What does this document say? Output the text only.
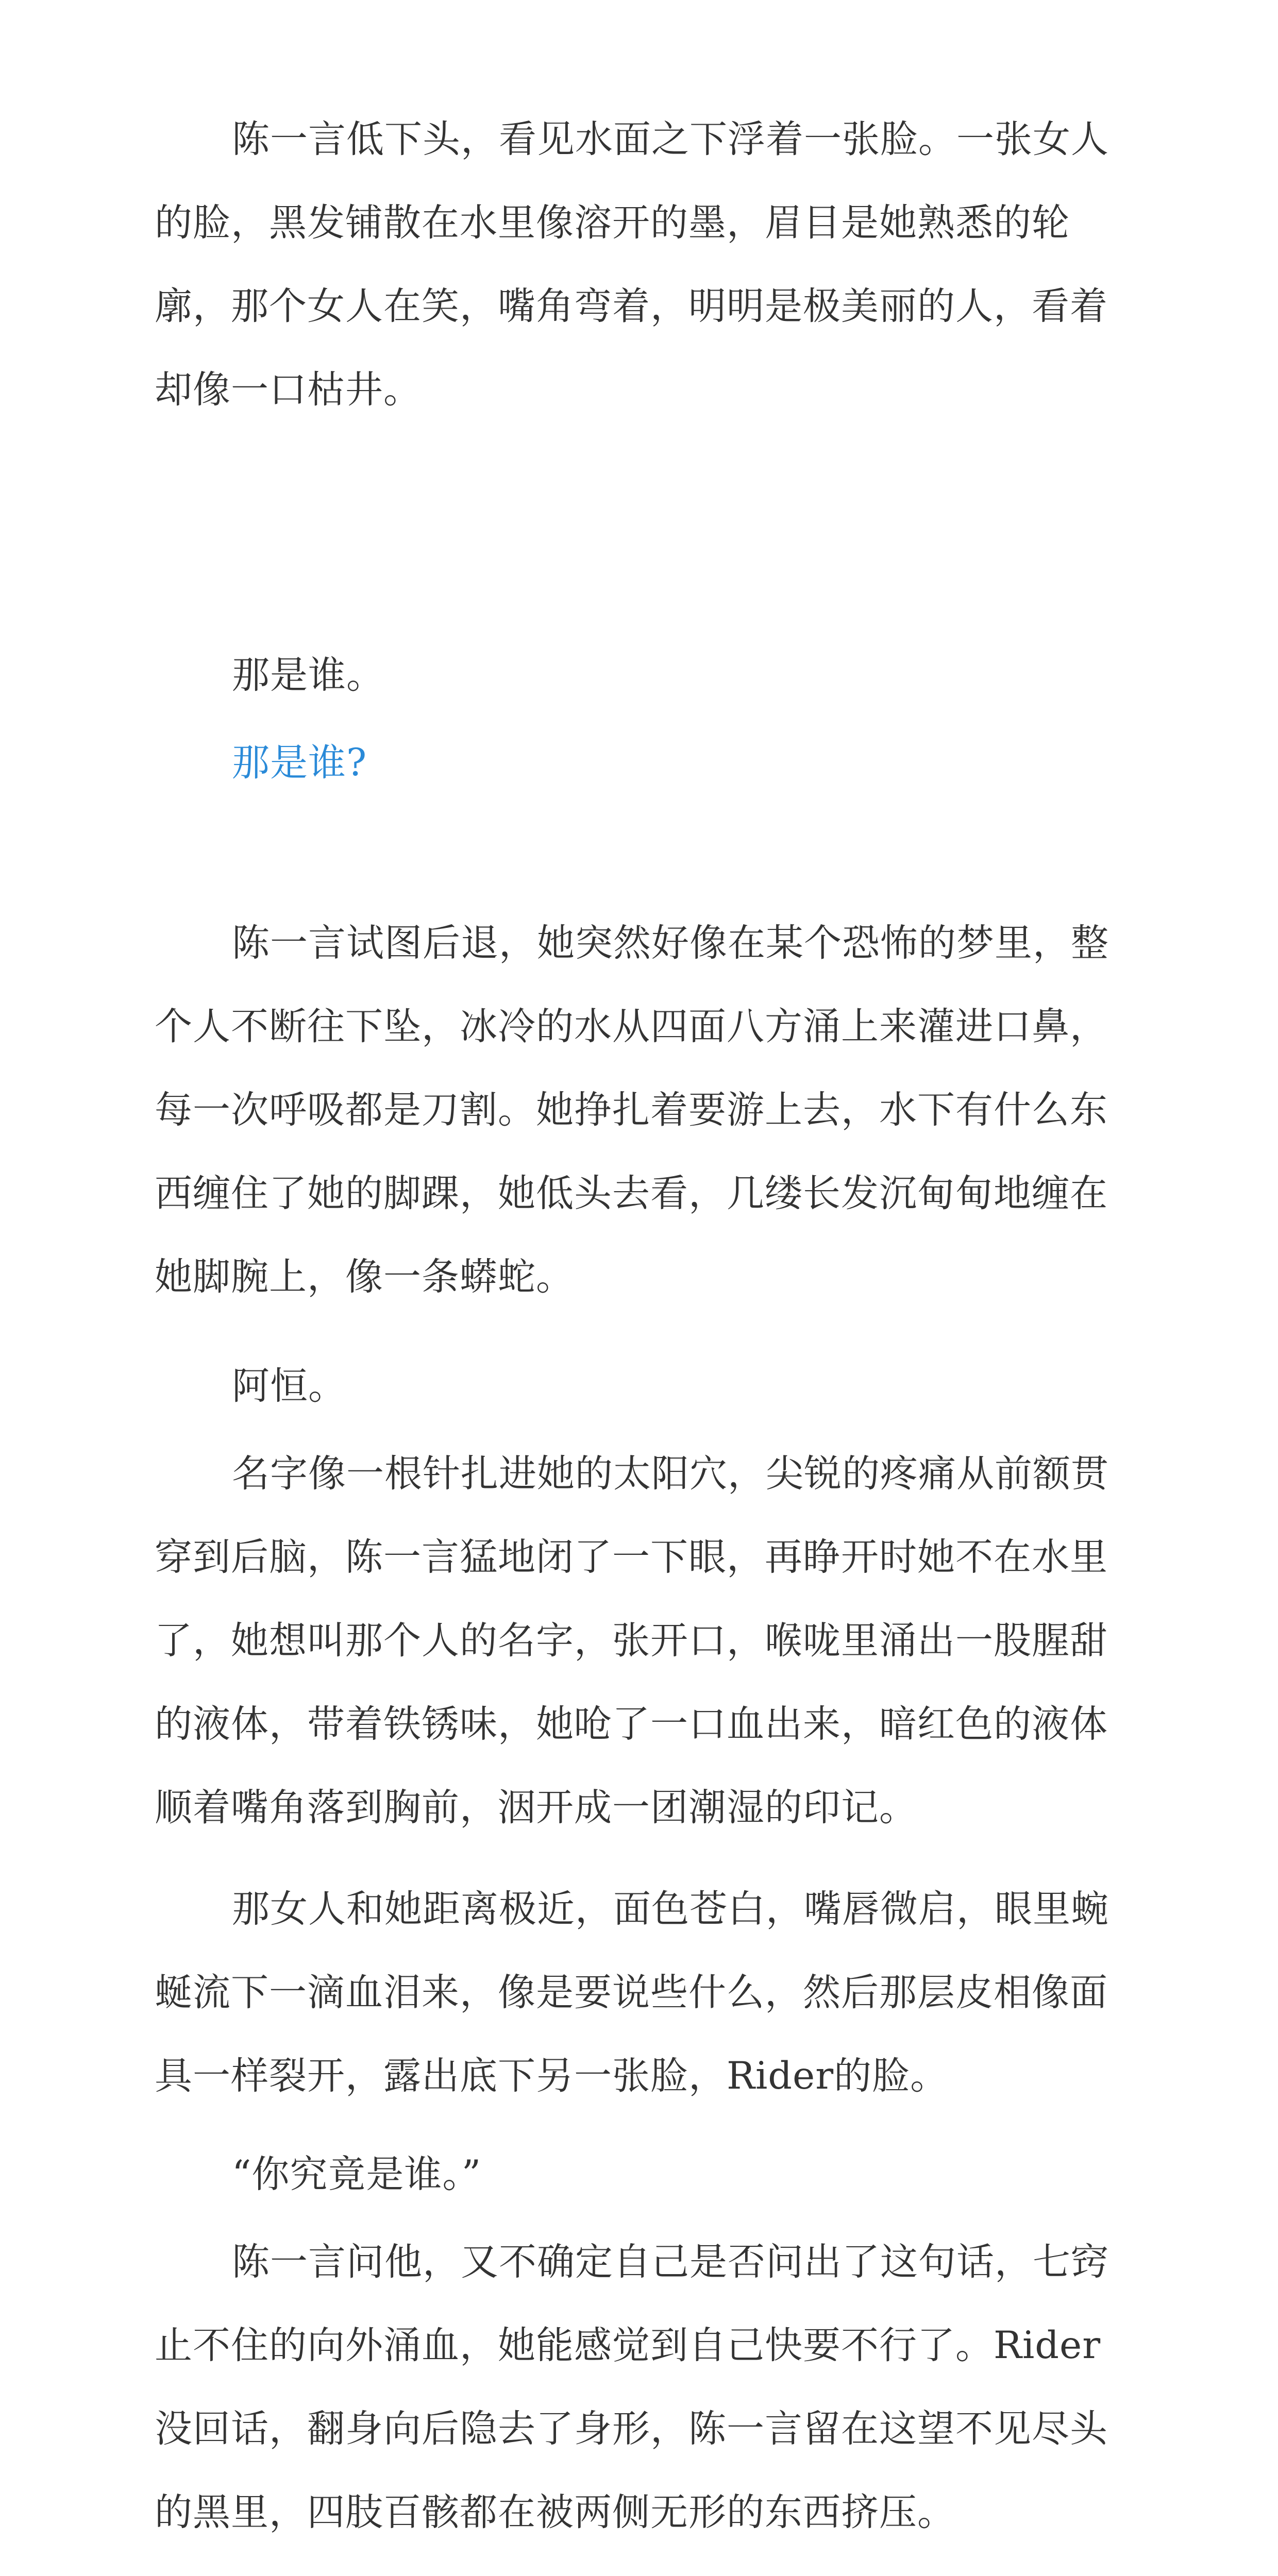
陈一言低下头，看见水面之下浮着一张脸。一张女人的脸，黑发铺散在水里像溶开的墨，眉目是她熟悉的轮廓，那个女人在笑，嘴角弯着，明明是极美丽的人，看着却像一口枯井。

那是谁。

那是谁?

陈一言试图后退，她突然好像在某个恐怖的梦里，整个人不断往下坠，冰冷的水从四面八方涌上来灌进口鼻，每一次呼吸都是刀割。她挣扎着要游上去，水下有什么东西缠住了她的脚踝，她低头去看，几缕长发沉甸甸地缠在她脚腕上，像一条蟒蛇。

阿恒。

名字像一根针扎进她的太阳穴，尖锐的疼痛从前额贯穿到后脑，陈一言猛地闭了一下眼，再睁开时她不在水里了，她想叫那个人的名字，张开口，喉咙里涌出一股腥甜的液体，带着铁锈味，她呛了一口血出来，暗红色的液体顺着嘴角落到胸前，洇开成一团潮湿的印记。

那女人和她距离极近，面色苍白，嘴唇微启，眼里蜿蜒流下一滴血泪来，像是要说些什么，然后那层皮相像面具一样裂开，露出底下另一张脸，Rider的脸。

“你究竟是谁。”

陈一言问他，又不确定自己是否问出了这句话，七窍止不住的向外涌血，她能感觉到自己快要不行了。Rider没回话，翻身向后隐去了身形，陈一言留在这望不见尽头的黑里，四肢百骸都在被两侧无形的东西挤压。
